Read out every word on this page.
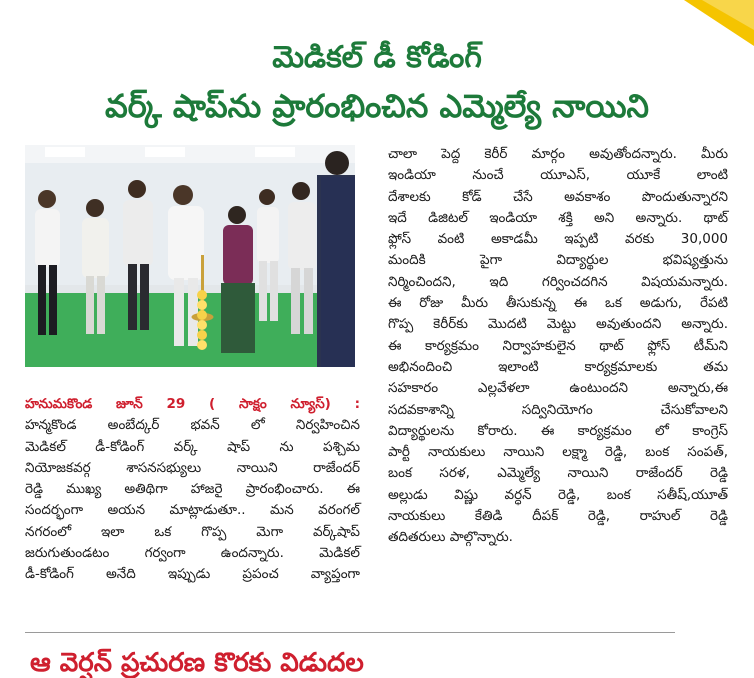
మెడికల్ డీ కోడింగ్
వర్క్ షాప్‌ను ప్రారంభించిన ఎమ్మెల్యే నాయిని
హనుమకొండ జూన్ 29 ( సాక్షం న్యూస్) :
హన్మకొండ అంబేద్కర్ భవన్ లో నిర్వహించిన
మెడికల్ డీ-కోడింగ్ వర్క్ షాప్ ను పశ్చిమ
నియోజకవర్గ శాసనసభ్యులు నాయిని రాజేందర్
రెడ్డి ముఖ్య అతిథిగా హాజరై ప్రారంభించారు. ఈ
సందర్భంగా అయన మాట్లాడుతూ.. మన వరంగల్
నగరంలో ఇలా ఒక గొప్ప మెగా వర్క్‌షాప్
జరుగుతుండటం గర్వంగా ఉందన్నారు. మెడికల్
డీ-కోడింగ్ అనేది ఇప్పుడు ప్రపంచ వ్యాప్తంగా
చాలా పెద్ద కెరీర్ మార్గం అవుతోందన్నారు. మీరు
ఇండియా నుంచే యూఎస్, యూకే లాంటి
దేశాలకు కోడ్ చేసే అవకాశం పొందుతున్నారని
ఇదే డిజిటల్ ఇండియా శక్తి అని అన్నారు. థాట్
ఫ్లోస్ వంటి అకాడమీ ఇప్పటి వరకు 30,000
మందికి పైగా విద్యార్థుల భవిష్యత్తును
నిర్మించిందని, ఇది గర్వించదగిన విషయమన్నారు.
ఈ రోజు మీరు తీసుకున్న ఈ ఒక అడుగు, రేపటి
గొప్ప కెరీర్‌కు మొదటి మెట్టు అవుతుందని అన్నారు.
ఈ కార్యక్రమం నిర్వాహకులైన థాట్ ఫ్లోస్ టీమ్‌ని
అభినందించి ఇలాంటి కార్యక్రమాలకు తమ
సహకారం ఎల్లవేళలా ఉంటుందని అన్నారు,ఈ
సదవకాశాన్ని సద్వినియోగం చేసుకోవాలని
విద్యార్థులను కోరారు. ఈ కార్యక్రమం లో కాంగ్రెస్
పార్టీ నాయకులు నాయిని లక్ష్మా రెడ్డి, బంక సంపత్,
బంక సరళ, ఎమ్మెల్యే నాయిని రాజేందర్ రెడ్డి
అల్లుడు విష్ణు వర్ధన్ రెడ్డి, బంక సతీష్,యూత్
నాయకులు కేతిడి దీపక్ రెడ్డి, రాహుల్ రెడ్డి
తదితరులు పాల్గొన్నారు.
ఆ వెర్షన్ ప్రచురణ కొరకు విడుదల
